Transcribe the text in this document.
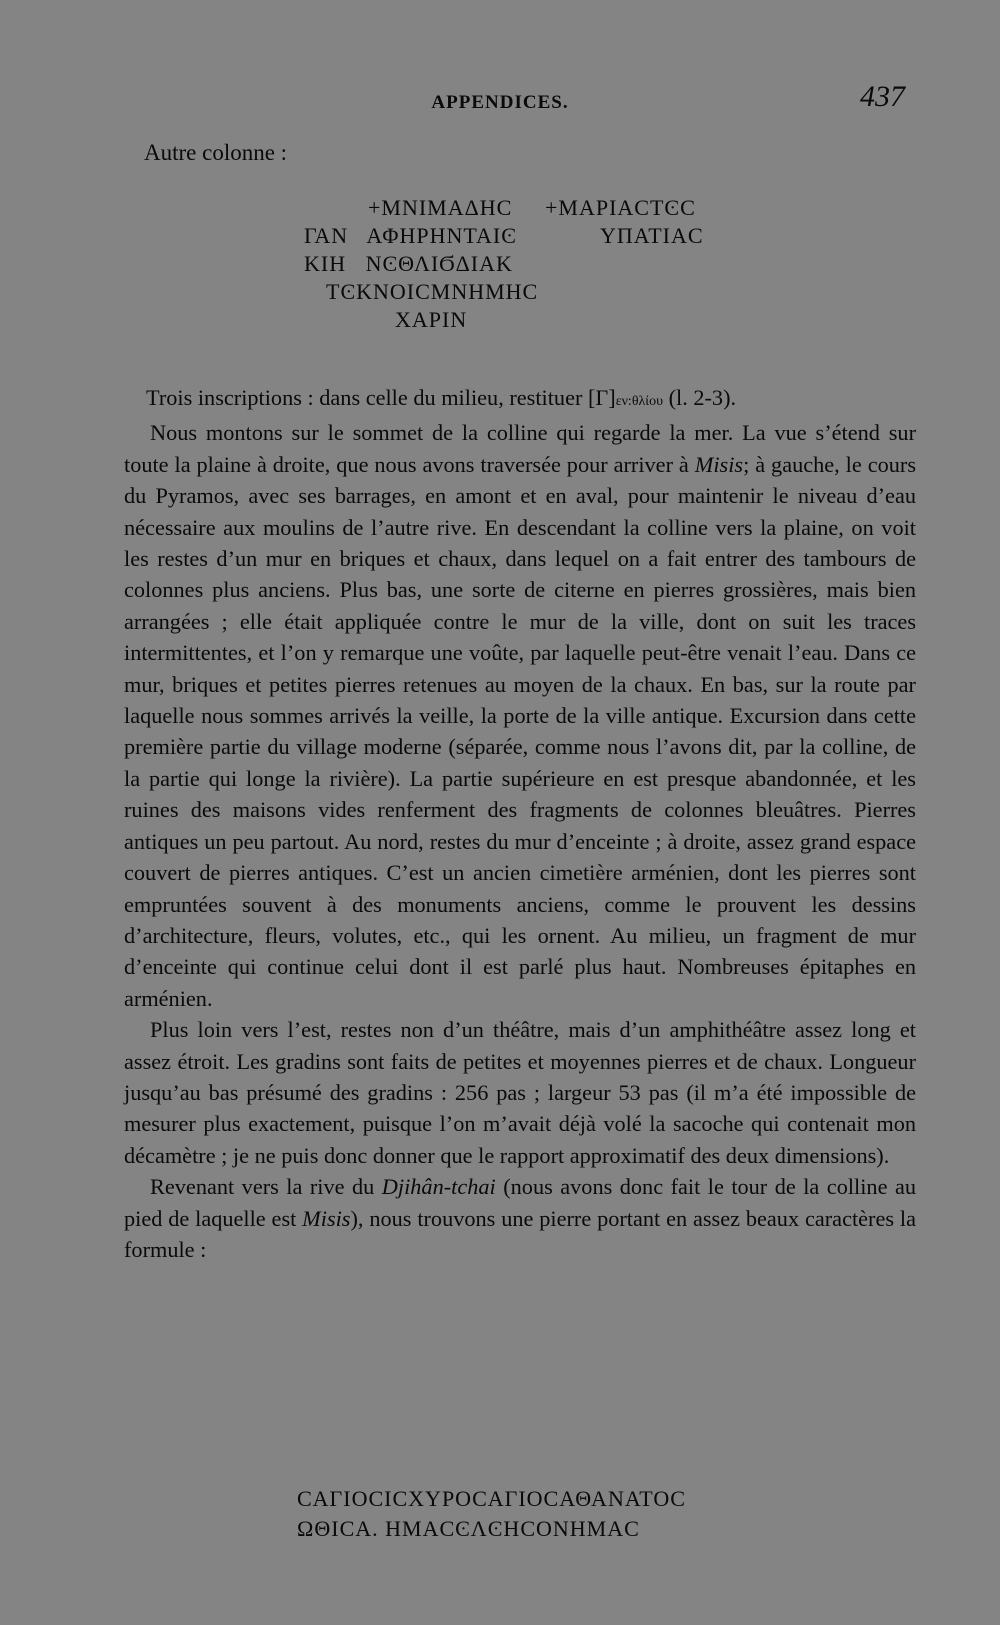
APPENDICES.	437
Autre colonne :
+ΜΝΙΜΑΔΗϹ +ΜΑΡΙΑϹΤϾϹ
ΓΑΝ   ΑΦΗΡΗΝΤΑΙϾ	ΥΠΑΤΙΑϹ
ΚΙΗ   ΝϾΘΛΙϬΔΙΑΚ
ΤϾΚΝΟΙϹΜΝΗΜΗϹ
ΧΑΡΙΝ

Trois inscriptions : dans celle du milieu, restituer [Γ]εν:θλίου (l. 2-3).

Nous montons sur le sommet de la colline qui regarde la mer. La vue s’étend sur toute la plaine à droite, que nous avons traversée pour arriver à Misis; à gauche, le cours du Pyramos, avec ses barrages, en amont et en aval, pour maintenir le niveau d’eau nécessaire aux moulins de l’autre rive. En descendant la colline vers la plaine, on voit les restes d’un mur en briques et chaux, dans lequel on a fait entrer des tambours de colonnes plus anciens. Plus bas, une sorte de citerne en pierres grossières, mais bien arrangées ; elle était appliquée contre le mur de la ville, dont on suit les traces intermittentes, et l’on y remarque une voûte, par laquelle peut-être venait l’eau. Dans ce mur, briques et petites pierres retenues au moyen de la chaux. En bas, sur la route par laquelle nous sommes arrivés la veille, la porte de la ville antique. Excursion dans cette première partie du village moderne (séparée, comme nous l’avons dit, par la colline, de la partie qui longe la rivière). La partie supérieure en est presque abandonnée, et les ruines des maisons vides renferment des fragments de colonnes bleuâtres. Pierres antiques un peu partout. Au nord, restes du mur d’enceinte ; à droite, assez grand espace couvert de pierres antiques. C’est un ancien cimetière arménien, dont les pierres sont empruntées souvent à des monuments anciens, comme le prouvent les dessins d’architecture, fleurs, volutes, etc., qui les ornent. Au milieu, un fragment de mur d’enceinte qui continue celui dont il est parlé plus haut. Nombreuses épitaphes en arménien.

Plus loin vers l’est, restes non d’un théâtre, mais d’un amphithéâtre assez long et assez étroit. Les gradins sont faits de petites et moyennes pierres et de chaux. Longueur jusqu’au bas présumé des gradins : 256 pas ; largeur 53 pas (il m’a été impossible de mesurer plus exactement, puisque l’on m’avait déjà volé la sacoche qui contenait mon décamètre ; je ne puis donc donner que le rapport approximatif des deux dimensions).

Revenant vers la rive du Djihân-tchai (nous avons donc fait le tour de la colline au pied de laquelle est Misis), nous trouvons une pierre portant en assez beaux caractères la formule :

ϹΑΓΙΟϹΙϹΧΥΡΟϹΑΓΙΟϹΑΘΑΝΑΤΟϹ
ΩΘΙϹΑ. ΗΜΑϹϾΛϾΗϹΟΝΗΜΑϹ
